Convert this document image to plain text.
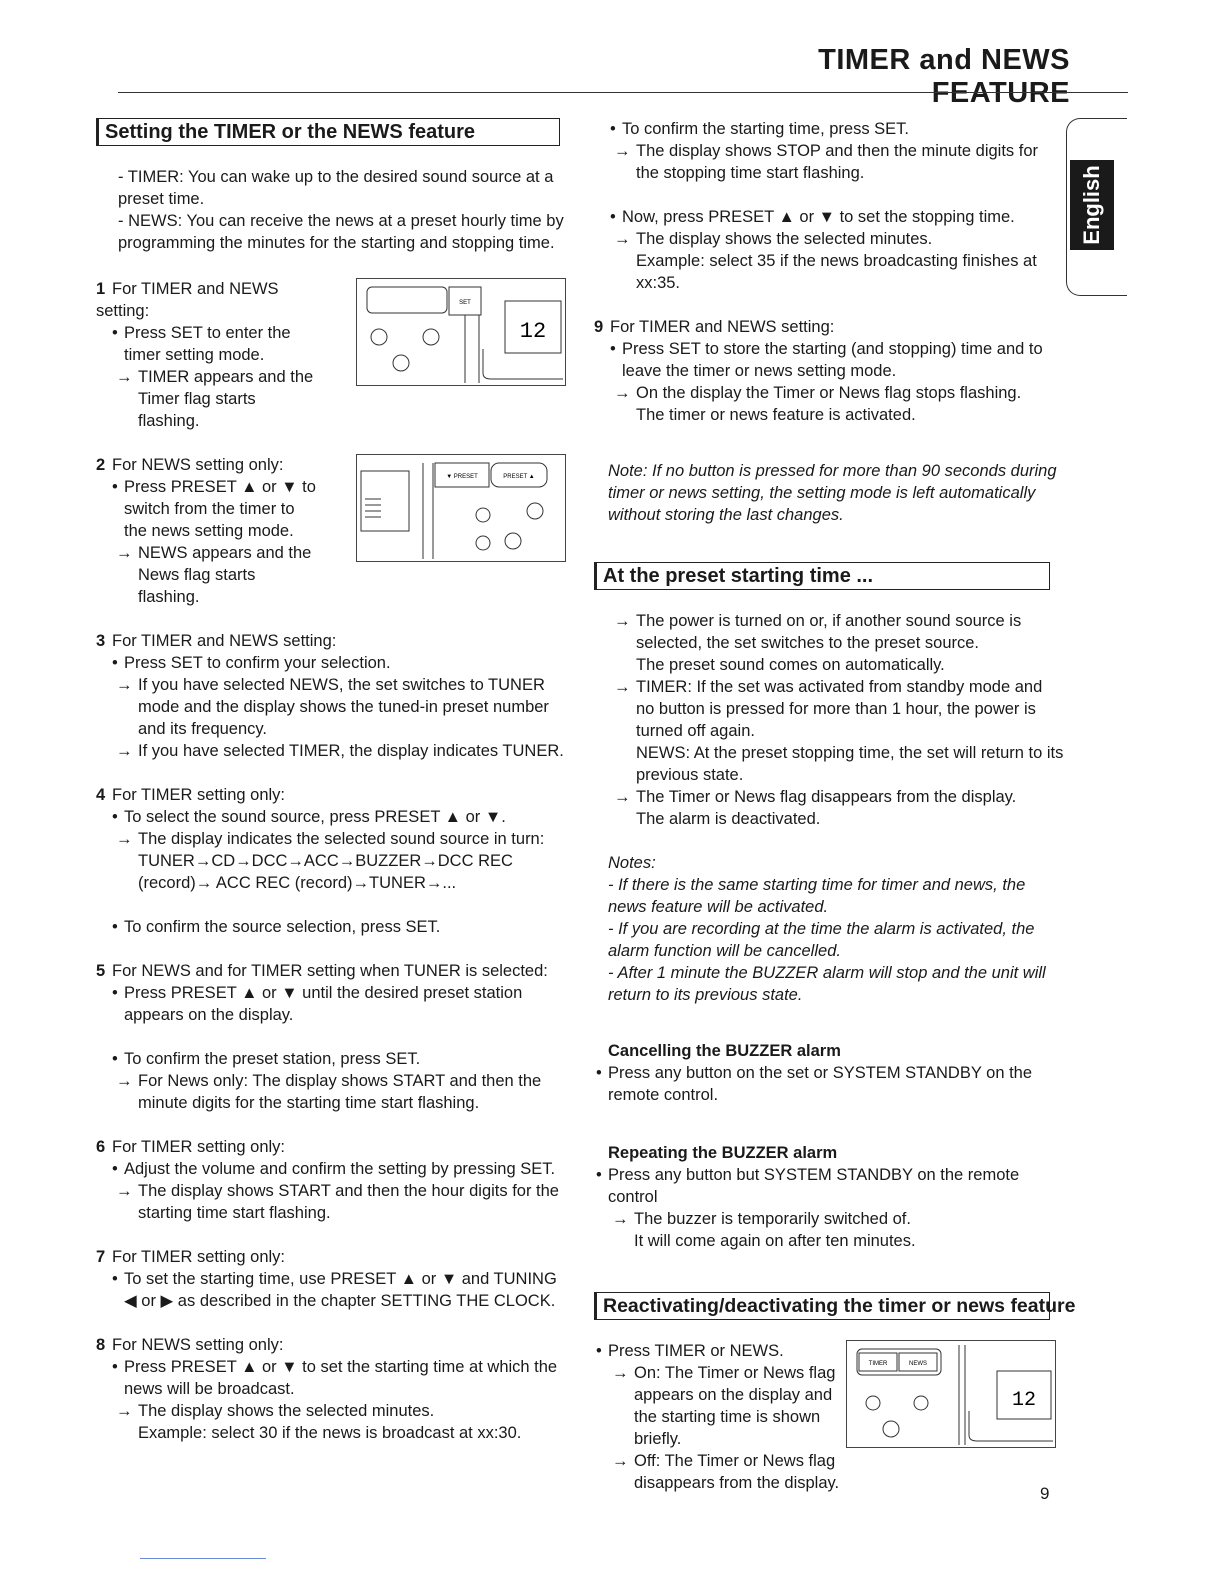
TIMER and NEWS FEATURE
English
Setting the TIMER or the NEWS feature

- TIMER: You can wake up to the desired sound source at a preset time.

- NEWS: You can receive the news at a preset hourly time by programming the minutes for the starting and stopping time.

1 For TIMER and NEWS setting:

• Press SET to enter the timer setting mode.

→ TIMER appears and the Timer flag starts flashing.

SET
12

2 For NEWS setting only:

• Press PRESET ▲ or ▼ to switch from the timer to the news setting mode.

→ NEWS appears and the News flag starts flashing.

▼ PRESET	PRESET ▲

3 For TIMER and NEWS setting:

• Press SET to confirm your selection.

→ If you have selected NEWS, the set switches to TUNER mode and the display shows the tuned-in preset number and its frequency.

→ If you have selected TIMER, the display indicates TUNER.

4 For TIMER setting only:

• To select the sound source, press PRESET ▲ or ▼.

→ The display indicates the selected sound source in turn: TUNER→CD→DCC→ACC→BUZZER→DCC REC (record)→ ACC REC (record)→TUNER→...

• To confirm the source selection, press SET.

5 For NEWS and for TIMER setting when TUNER is selected:

• Press PRESET ▲ or ▼ until the desired preset station appears on the display.

• To confirm the preset station, press SET.

→ For News only: The display shows START and then the minute digits for the starting time start flashing.

6 For TIMER setting only:

• Adjust the volume and confirm the setting by pressing SET.

→ The display shows START and then the hour digits for the starting time start flashing.

7 For TIMER setting only:

• To set the starting time, use PRESET ▲ or ▼ and TUNING ◀ or ▶ as described in the chapter SETTING THE CLOCK.

8 For NEWS setting only:

• Press PRESET ▲ or ▼ to set the starting time at which the news will be broadcast.

→ The display shows the selected minutes.

Example: select 30 if the news is broadcast at xx:30.

• To confirm the starting time, press SET.

→ The display shows STOP and then the minute digits for the stopping time start flashing.

• Now, press PRESET ▲ or ▼ to set the stopping time.

→ The display shows the selected minutes.

Example: select 35 if the news broadcasting finishes at xx:35.

9 For TIMER and NEWS setting:

• Press SET to store the starting (and stopping) time and to leave the timer or news setting mode.

→ On the display the Timer or News flag stops flashing.

The timer or news feature is activated.

Note: If no button is pressed for more than 90 seconds during timer or news setting, the setting mode is left automatically without storing the last changes.

At the preset starting time ...

→ The power is turned on or, if another sound source is selected, the set switches to the preset source.

The preset sound comes on automatically.

→ TIMER: If the set was activated from standby mode and no button is pressed for more than 1 hour, the power is turned off again.

NEWS: At the preset stopping time, the set will return to its previous state.

→ The Timer or News flag disappears from the display.

The alarm is deactivated.

Notes:

- If there is the same starting time for timer and news, the news feature will be activated.

- If you are recording at the time the alarm is activated, the alarm function will be cancelled.

- After 1 minute the BUZZER alarm will stop and the unit will return to its previous state.

Cancelling the BUZZER alarm

• Press any button on the set or SYSTEM STANDBY on the remote control.

Repeating the BUZZER alarm

• Press any button but SYSTEM STANDBY on the remote control

→ The buzzer is temporarily switched of.

It will come again on after ten minutes.

Reactivating/deactivating the timer or news feature

• Press TIMER or NEWS.

→ On: The Timer or News flag appears on the display and the starting time is shown briefly.

→ Off: The Timer or News flag disappears from the display.

TIMER	NEWS
12
9
